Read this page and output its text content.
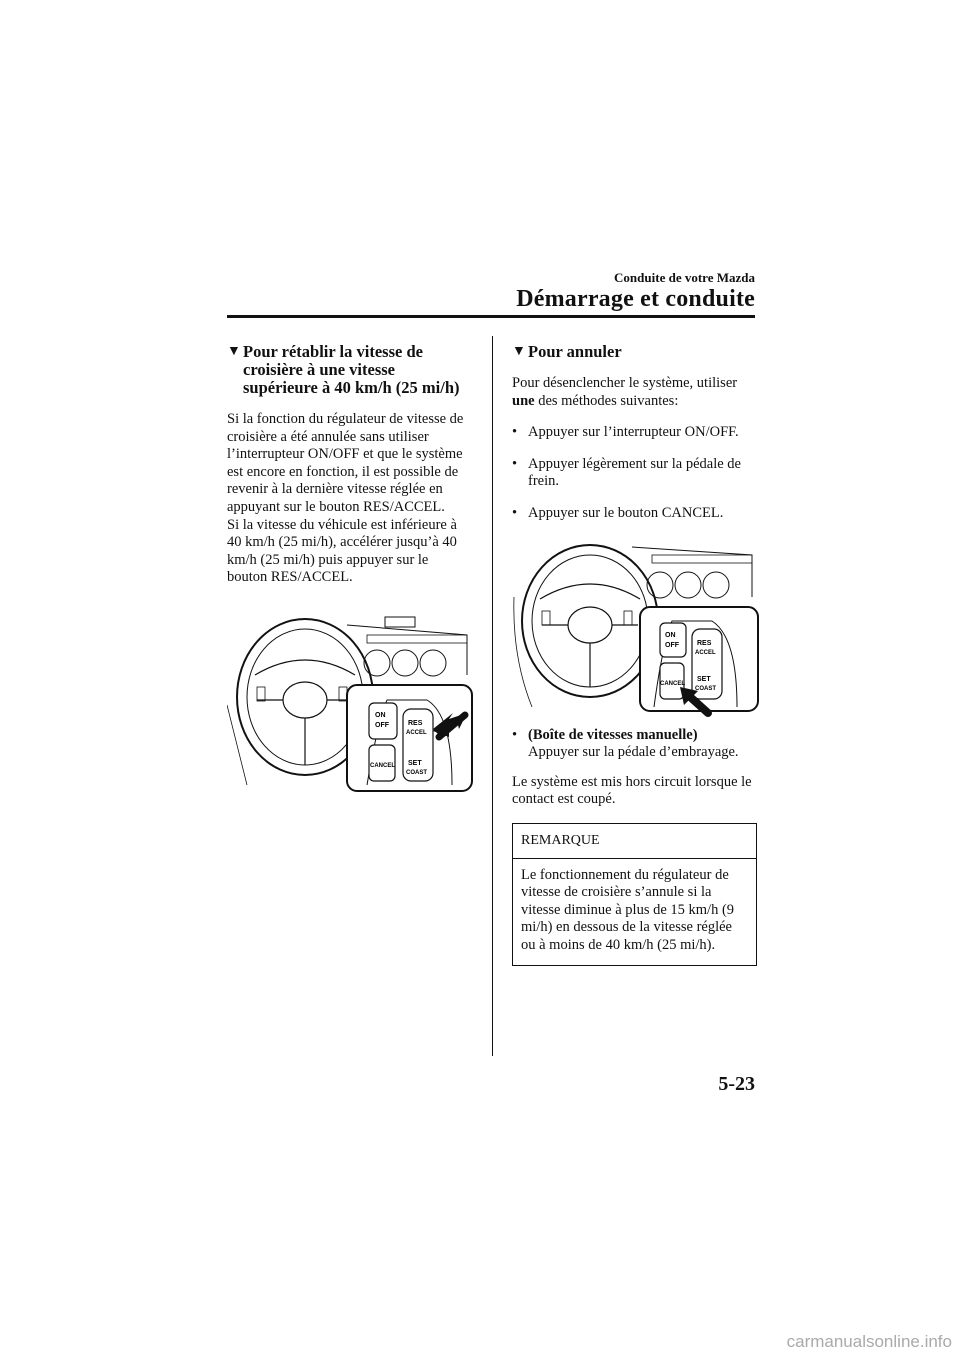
Conduite de votre Mazda
Démarrage et conduite
▼ Pour rétablir la vitesse de croisière à une vitesse supérieure à 40 km/h (25 mi/h)

Si la fonction du régulateur de vitesse de croisière a été annulée sans utiliser l’interrupteur ON/OFF et que le système est encore en fonction, il est possible de revenir à la dernière vitesse réglée en appuyant sur le bouton RES/ACCEL.

Si la vitesse du véhicule est inférieure à 40 km/h (25 mi/h), accélérer jusqu’à 40 km/h (25 mi/h) puis appuyer sur le bouton RES/ACCEL.

ON
OFF
CANCEL
RES
ACCEL
SET
COAST
▼ Pour annuler

Pour désenclencher le système, utiliser une des méthodes suivantes:

• Appuyer sur l’interrupteur ON/OFF.
• Appuyer légèrement sur la pédale de frein.
• Appuyer sur le bouton CANCEL.
ON
OFF
CANCEL
RES
ACCEL
SET
COAST
• (Boîte de vitesses manuelle)
Appuyer sur la pédale d’embrayage.

Le système est mis hors circuit lorsque le contact est coupé.

REMARQUE
Le fonctionnement du régulateur de vitesse de croisière s’annule si la vitesse diminue à plus de 15 km/h (9 mi/h) en dessous de la vitesse réglée ou à moins de 40 km/h (25 mi/h).
5-23
carmanualsonline.info
